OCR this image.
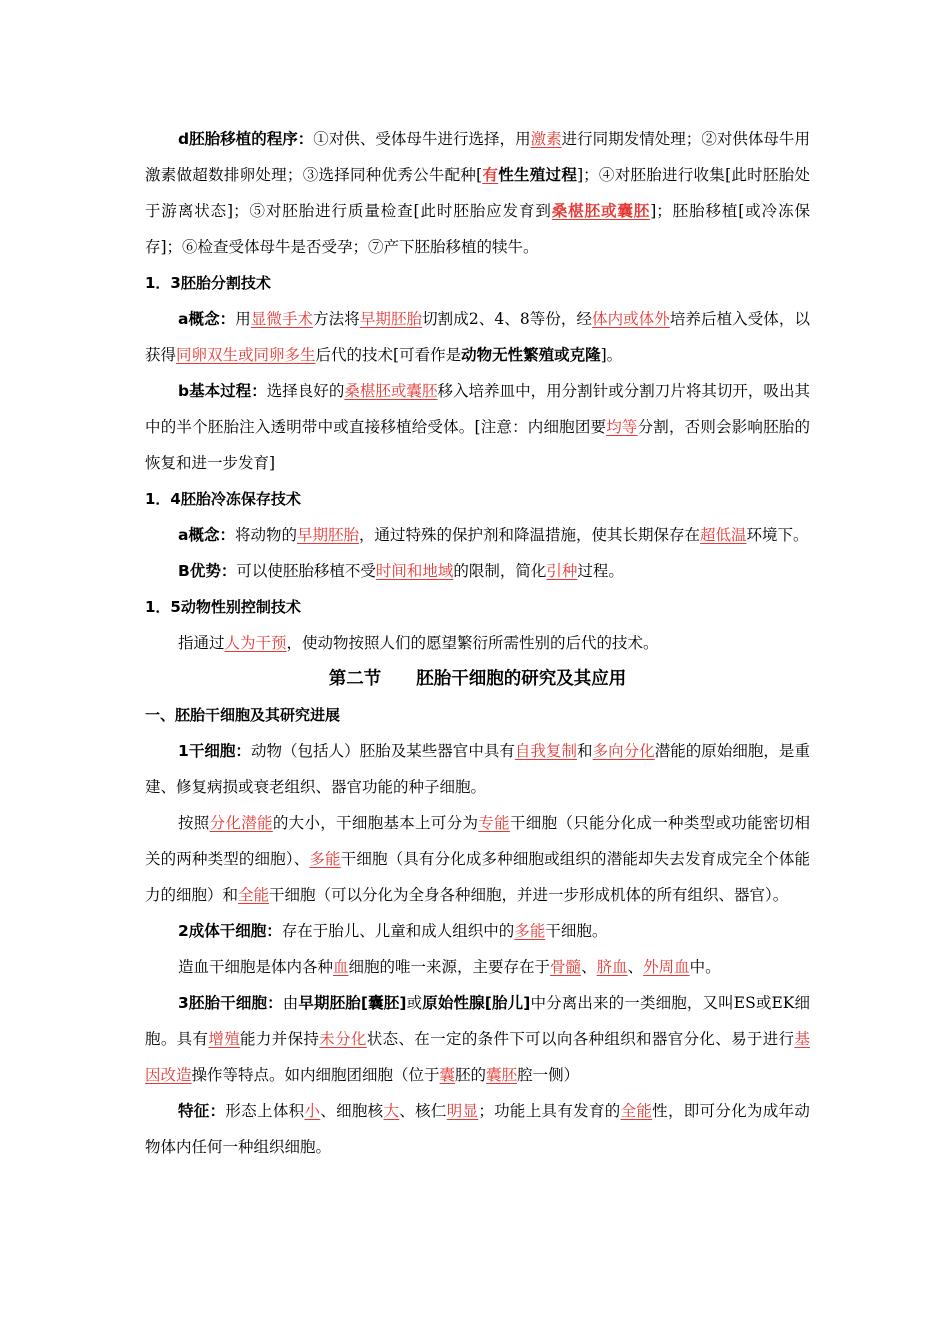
d胚胎移植的程序：①对供、受体母牛进行选择，用激素进行同期发情处理；②对供体母牛用激素做超数排卵处理；③选择同种优秀公牛配种[有性生殖过程]；④对胚胎进行收集[此时胚胎处于游离状态]；⑤对胚胎进行质量检查[此时胚胎应发育到桑椹胚或囊胚]；胚胎移植[或冷冻保存]；⑥检查受体母牛是否受孕；⑦产下胚胎移植的犊牛。

1．3胚胎分割技术

a概念：用显微手术方法将早期胚胎切割成2、4、8等份，经体内或体外培养后植入受体，以获得同卵双生或同卵多生后代的技术[可看作是动物无性繁殖或克隆]。

b基本过程：选择良好的桑椹胚或囊胚移入培养皿中，用分割针或分割刀片将其切开，吸出其中的半个胚胎注入透明带中或直接移植给受体。[注意：内细胞团要均等分割，否则会影响胚胎的恢复和进一步发育]

1．4胚胎冷冻保存技术

a概念：将动物的早期胚胎，通过特殊的保护剂和降温措施，使其长期保存在超低温环境下。

B优势：可以使胚胎移植不受时间和地域的限制，简化引种过程。

1．5动物性别控制技术

指通过人为干预，使动物按照人们的愿望繁衍所需性别的后代的技术。

第二节　　胚胎干细胞的研究及其应用

一、胚胎干细胞及其研究进展

1干细胞：动物（包括人）胚胎及某些器官中具有自我复制和多向分化潜能的原始细胞，是重建、修复病损或衰老组织、器官功能的种子细胞。

按照分化潜能的大小，干细胞基本上可分为专能干细胞（只能分化成一种类型或功能密切相关的两种类型的细胞）、多能干细胞（具有分化成多种细胞或组织的潜能却失去发育成完全个体能力的细胞）和全能干细胞（可以分化为全身各种细胞，并进一步形成机体的所有组织、器官）。

2成体干细胞：存在于胎儿、儿童和成人组织中的多能干细胞。

造血干细胞是体内各种血细胞的唯一来源，主要存在于骨髓、脐血、外周血中。

3胚胎干细胞：由早期胚胎[囊胚]或原始性腺[胎儿]中分离出来的一类细胞，又叫ES或EK细胞。具有增殖能力并保持未分化状态、在一定的条件下可以向各种组织和器官分化、易于进行基因改造操作等特点。如内细胞团细胞（位于囊胚的囊胚腔一侧）

特征：形态上体积小、细胞核大、核仁明显；功能上具有发育的全能性，即可分化为成年动物体内任何一种组织细胞。
